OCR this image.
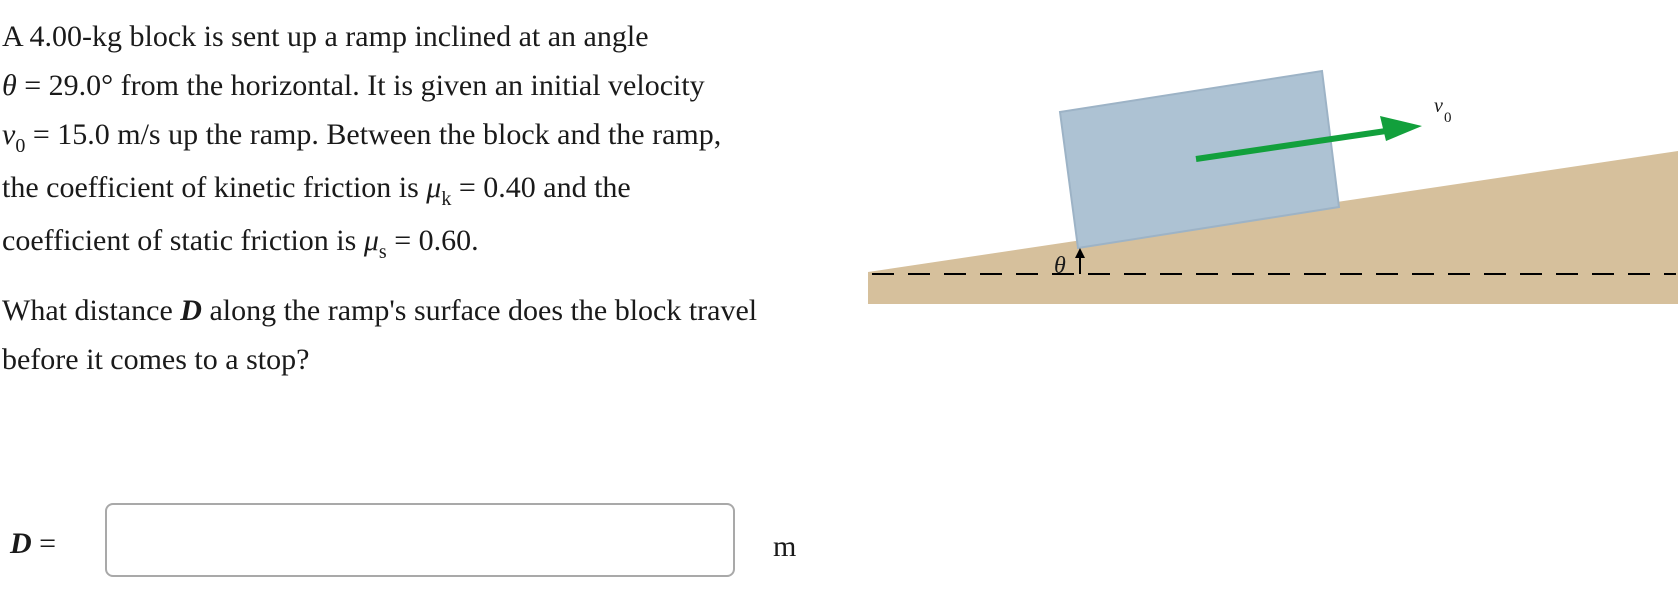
A 4.00-kg block is sent up a ramp inclined at an angle
θ = 29.0° from the horizontal. It is given an initial velocity
$v_0 = 15.0$ m/s up the ramp. Between the block and the ramp,
the coefficient of kinetic friction is $\mu_k = 0.40$ and the
coefficient of static friction is $\mu_s = 0.60$.

What distance D along the ramp's surface does the block travel before it comes to a stop?

D =	m
v
0
θ
